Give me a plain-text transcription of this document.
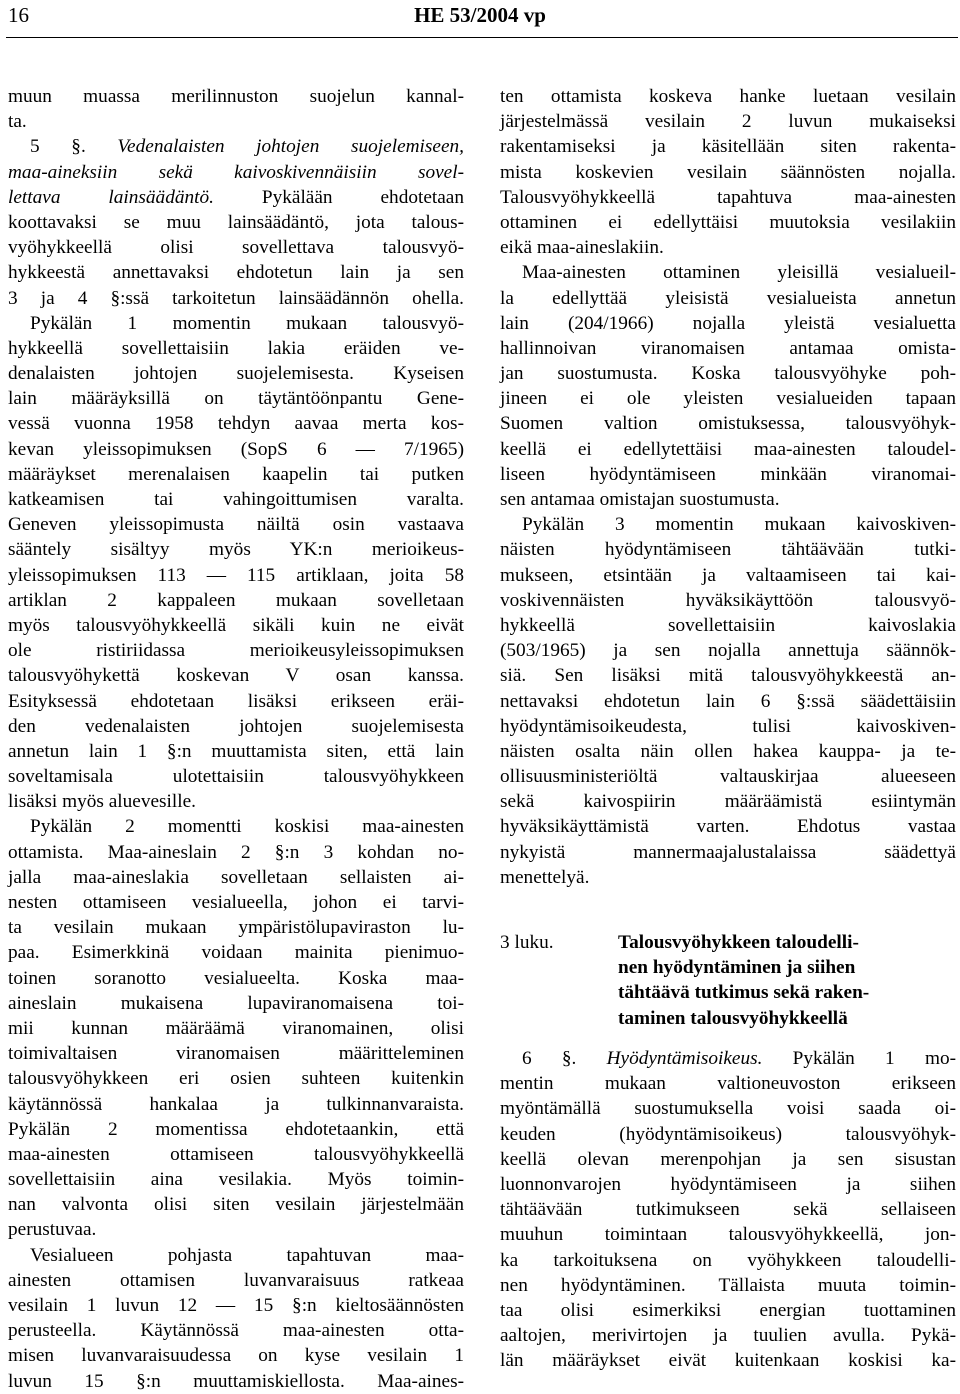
16	HE 53/2004 vp
muun muassa merilinnuston suojelun kannal-
ta.
5 §. Vedenalaisten johtojen suojelemiseen,
maa-aineksiin sekä kaivoskivennäisiin sovel-
lettava lainsäädäntö. Pykälään ehdotetaan
koottavaksi se muu lainsäädäntö, jota talous-
vyöhykkeellä olisi sovellettava talousvyö-
hykkeestä annettavaksi ehdotetun lain ja sen
3 ja 4 §:ssä tarkoitetun lainsäädännön ohella.
Pykälän 1 momentin mukaan talousvyö-
hykkeellä sovellettaisiin lakia eräiden ve-
denalaisten johtojen suojelemisesta. Kyseisen
lain määräyksillä on täytäntöönpantu Gene-
vessä vuonna 1958 tehdyn aavaa merta kos-
kevan yleissopimuksen (SopS 6 — 7/1965)
määräykset merenalaisen kaapelin tai putken
katkeamisen tai vahingoittumisen varalta.
Geneven yleissopimusta näiltä osin vastaava
sääntely sisältyy myös YK:n merioikeus-
yleissopimuksen 113 — 115 artiklaan, joita 58
artiklan 2 kappaleen mukaan sovelletaan
myös talousvyöhykkeellä sikäli kuin ne eivät
ole ristiriidassa merioikeusyleissopimuksen
talousvyöhykettä koskevan V osan kanssa.
Esityksessä ehdotetaan lisäksi erikseen eräi-
den vedenalaisten johtojen suojelemisesta
annetun lain 1 §:n muuttamista siten, että lain
soveltamisala ulotettaisiin talousvyöhykkeen
lisäksi myös aluevesille.
Pykälän 2 momentti koskisi maa-ainesten
ottamista. Maa-aineslain 2 §:n 3 kohdan no-
jalla maa-aineslakia sovelletaan sellaisten ai-
nesten ottamiseen vesialueella, johon ei tarvi-
ta vesilain mukaan ympäristölupaviraston lu-
paa. Esimerkkinä voidaan mainita pienimuo-
toinen soranotto vesialueelta. Koska maa-
aineslain mukaisena lupaviranomaisena toi-
mii kunnan määräämä viranomainen, olisi
toimivaltaisen viranomaisen määritteleminen
talousvyöhykkeen eri osien suhteen kuitenkin
käytännössä hankalaa ja tulkinnanvaraista.
Pykälän 2 momentissa ehdotetaankin, että
maa-ainesten ottamiseen talousvyöhykkeellä
sovellettaisiin aina vesilakia. Myös toimin-
nan valvonta olisi siten vesilain järjestelmään
perustuvaa.
Vesialueen pohjasta tapahtuvan maa-
ainesten ottamisen luvanvaraisuus ratkeaa
vesilain 1 luvun 12 — 15 §:n kieltosäännösten
perusteella. Käytännössä maa-ainesten otta-
misen luvanvaraisuudessa on kyse vesilain 1
luvun 15 §:n muuttamiskiellosta. Maa-aines-
ten ottamista koskeva hanke luetaan vesilain
järjestelmässä vesilain 2 luvun mukaiseksi
rakentamiseksi ja käsitellään siten rakenta-
mista koskevien vesilain säännösten nojalla.
Talousvyöhykkeellä tapahtuva maa-ainesten
ottaminen ei edellyttäisi muutoksia vesilakiin
eikä maa-aineslakiin.
Maa-ainesten ottaminen yleisillä vesialueil-
la edellyttää yleisistä vesialueista annetun
lain (204/1966) nojalla yleistä vesialuetta
hallinnoivan viranomaisen antamaa omista-
jan suostumusta. Koska talousvyöhyke poh-
jineen ei ole yleisten vesialueiden tapaan
Suomen valtion omistuksessa, talousvyöhyk-
keellä ei edellytettäisi maa-ainesten taloudel-
liseen hyödyntämiseen minkään viranomai-
sen antamaa omistajan suostumusta.
Pykälän 3 momentin mukaan kaivoskiven-
näisten hyödyntämiseen tähtäävään tutki-
mukseen, etsintään ja valtaamiseen tai kai-
voskivennäisten hyväksikäyttöön talousvyö-
hykkeellä sovellettaisiin kaivoslakia
(503/1965) ja sen nojalla annettuja säännök-
siä. Sen lisäksi mitä talousvyöhykkeestä an-
nettavaksi ehdotetun lain 6 §:ssä säädettäisiin
hyödyntämisoikeudesta, tulisi kaivoskiven-
näisten osalta näin ollen hakea kauppa- ja te-
ollisuusministeriöltä valtauskirjaa alueeseen
sekä kaivospiirin määräämistä esiintymän
hyväksikäyttämistä varten. Ehdotus vastaa
nykyistä mannermaajalustalaissa säädettyä
menettelyä.
3 luku.	Talousvyöhykkeen taloudelli-
nen hyödyntäminen ja siihen
tähtäävä tutkimus sekä raken-
taminen talousvyöhykkeellä
6 §. Hyödyntämisoikeus. Pykälän 1 mo-
mentin mukaan valtioneuvoston erikseen
myöntämällä suostumuksella voisi saada oi-
keuden (hyödyntämisoikeus) talousvyöhyk-
keellä olevan merenpohjan ja sen sisustan
luonnonvarojen hyödyntämiseen ja siihen
tähtäävään tutkimukseen sekä sellaiseen
muuhun toimintaan talousvyöhykkeellä, jon-
ka tarkoituksena on vyöhykkeen taloudelli-
nen hyödyntäminen. Tällaista muuta toimin-
taa olisi esimerkiksi energian tuottaminen
aaltojen, merivirtojen ja tuulien avulla. Pykä-
län määräykset eivät kuitenkaan koskisi ka-
